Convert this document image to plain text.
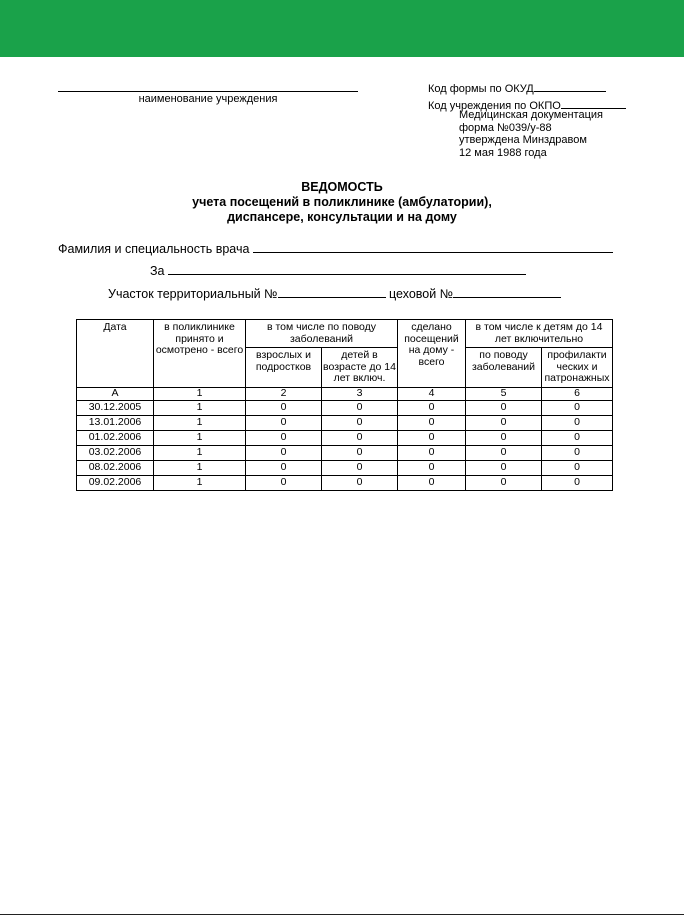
наименование учреждения
Код формы по ОКУД
Код учреждения по ОКПО
Медицинская документация
форма №039/у-88
утверждена Минздравом
12 мая 1988 года
ВЕДОМОСТЬ
учета посещений в поликлинике (амбулатории),
диспансере, консультации и на дому
Фамилия и специальность врача
За
Участок территориальный №	цеховой №
Дата	в поликлинике принято и осмотрено - всего	в том числе по поводу заболеваний		сделано посещений на дому - всего	в том числе к детям до 14 лет включительно	
		взрослых и подростков	детей в возрасте до 14 лет включ.		по поводу заболеваний	профилакти ческих и патронажных
А	1	2	3	4	5	6
30.12.2005	1	0	0	0	0	0
13.01.2006	1	0	0	0	0	0
01.02.2006	1	0	0	0	0	0
03.02.2006	1	0	0	0	0	0
08.02.2006	1	0	0	0	0	0
09.02.2006	1	0	0	0	0	0
